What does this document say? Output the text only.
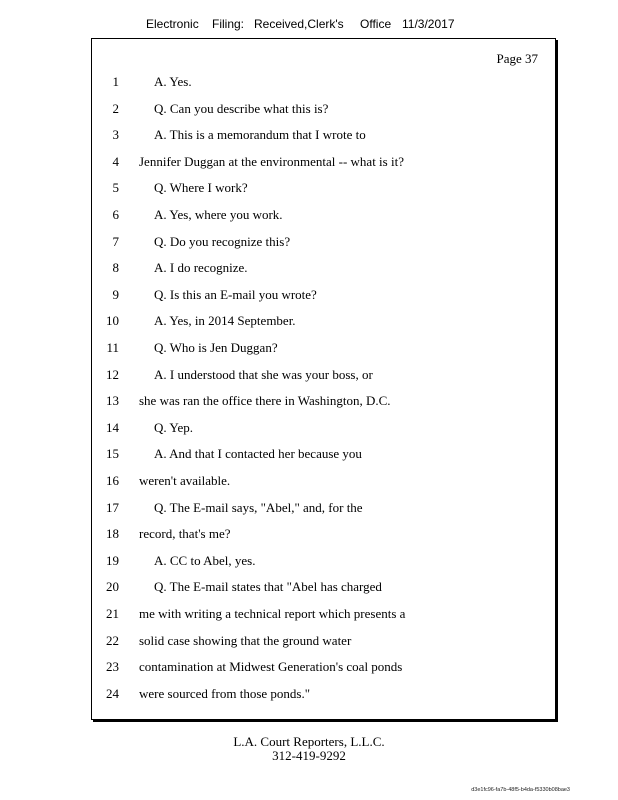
Electronic Filing: Received,Clerk's Office 11/3/2017
Page 37
1	A. Yes.
2	Q. Can you describe what this is?
3	A. This is a memorandum that I wrote to
4 Jennifer Duggan at the environmental -- what is it?
5	Q. Where I work?
6	A. Yes, where you work.
7	Q. Do you recognize this?
8	A. I do recognize.
9	Q. Is this an E-mail you wrote?
10	A. Yes, in 2014 September.
11	Q. Who is Jen Duggan?
12	A. I understood that she was your boss, or
13 she was ran the office there in Washington, D.C.
14	Q. Yep.
15	A. And that I contacted her because you
16 weren't available.
17	Q. The E-mail says, "Abel," and, for the
18 record, that's me?
19	A. CC to Abel, yes.
20	Q. The E-mail states that "Abel has charged
21 me with writing a technical report which presents a
22 solid case showing that the ground water
23 contamination at Midwest Generation's coal ponds
24 were sourced from those ponds."
L.A. Court Reporters, L.L.C.
312-419-9292
d3e1fc96-fa7b-48f5-b4da-f5330b08bae3
